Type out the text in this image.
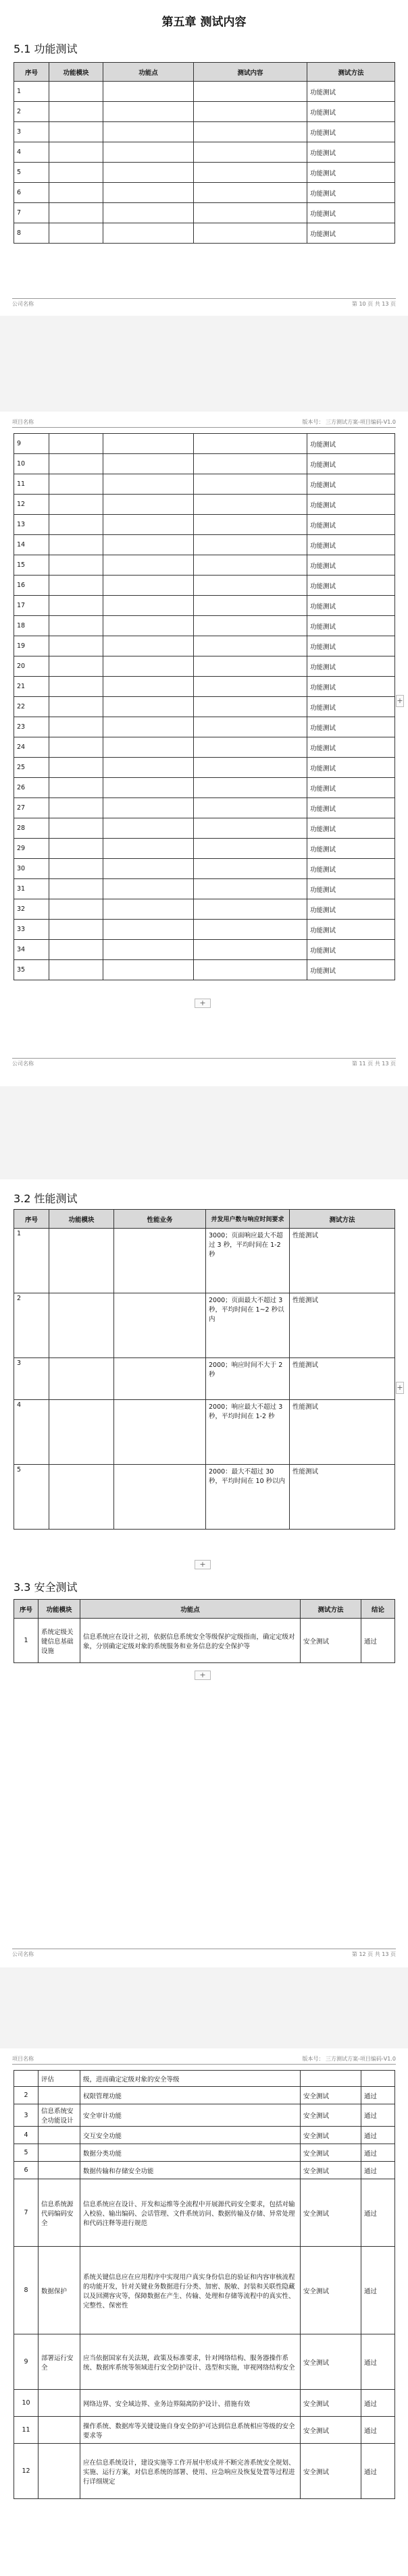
第五章 测试内容
5.1 功能测试
序号	功能模块	功能点	测试内容	测试方法
1				功能测试
2				功能测试
3				功能测试
4				功能测试
5				功能测试
6				功能测试
7				功能测试
8				功能测试
公司名称	第 10 页 共 13 页
项目名称	版本号： 三方测试方案-项目编码-V1.0
9				功能测试
10				功能测试
11				功能测试
12				功能测试
13				功能测试
14				功能测试
15				功能测试
16				功能测试
17				功能测试
18				功能测试
19				功能测试
20				功能测试
21				功能测试
22				功能测试
23				功能测试
24				功能测试
25				功能测试
26				功能测试
27				功能测试
28				功能测试
29				功能测试
30				功能测试
31				功能测试
32				功能测试
33				功能测试
34				功能测试
35				功能测试
+
+
公司名称	第 11 页 共 13 页
3.2 性能测试
序号	功能模块	性能业务	并发用户数与响应时间要求	测试方法
1			3000；页面响应最大不超过 3 秒，平均时间在 1-2 秒	性能测试
2			2000；页面最大不超过 3 秒，平均时间在 1~2 秒以内	性能测试
3			2000；响应时间不大于 2 秒	性能测试
4			2000；响应最大不超过 3 秒，平均时间在 1-2 秒	性能测试
5			2000：最大不超过 30 秒，平均时间在 10 秒以内	性能测试
+
+
3.3 安全测试
序号	功能模块	功能点	测试方法	结论
1	系统定级关键信息基础设施	信息系统应在设计之初，依据信息系统安全等级保护定级指南，确定定级对象，分别确定定级对象的系统服务和业务信息的安全保护等	安全测试	通过
+
公司名称	第 12 页 共 13 页
项目名称	版本号： 三方测试方案-项目编码-V1.0
	评估	级，进而确定定级对象的安全等级		
2		权限管理功能	安全测试	通过
3	信息系统安全功能设计	安全审计功能	安全测试	通过
4		交互安全功能	安全测试	通过
5		数据分类功能	安全测试	通过
6		数据传输和存储安全功能	安全测试	通过
7	信息系统源代码编码安全	信息系统应在设计、开发和运维等全流程中开展源代码安全要求，包括对输入校验、输出编码、会话管理、文件系统访问、数据传输及存储、异常处理和代码注释等进行规范	安全测试	通过
8	数据保护	系统关键信息应在应用程序中实现用户真实身份信息的验证和内容审核流程的功能开发，针对关键业务数据进行分类、加密、脱敏、封装和关联性隐藏以及回溯容灾等，保障数据在产生、传输、处理和存储等流程中的真实性、完整性、保密性	安全测试	通过
9	部署运行安全	应当依据国家有关法规，政策及标准要求，针对网络结构、服务器操作系统、数据库系统等领域进行安全防护设计、选型和实施，审视网络结构安全	安全测试	通过
10		网络边界、安全域边界、业务边界隔离防护设计、措施有效	安全测试	通过
11		操作系统、数据库等关键设施自身安全防护可达到信息系统相应等级的安全要求等	安全测试	通过
12		应在信息系统设计，建设实施等工作开展中形成并不断完善系统安全规划、实施、运行方案，对信息系统的部署、使用、应急响应及恢复处置等过程进行详细规定	安全测试	通过
